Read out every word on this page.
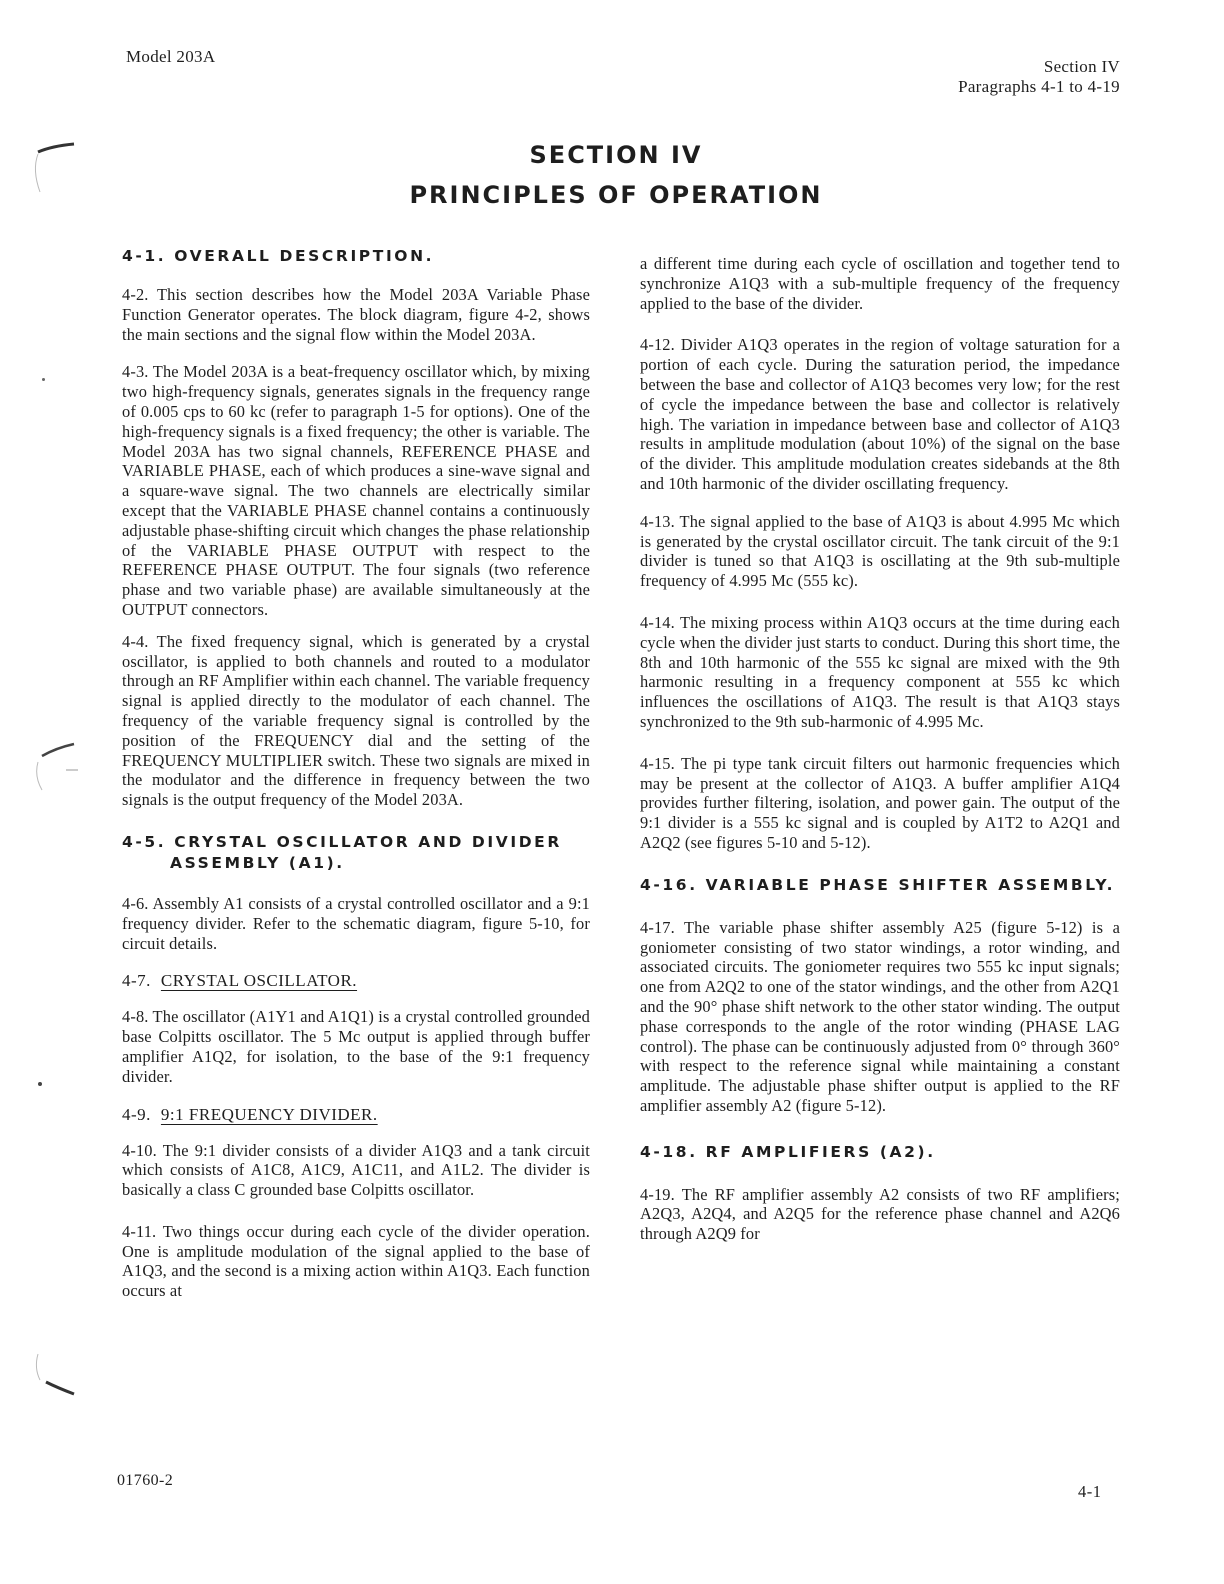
Model 203A
Section IV
Paragraphs 4-1 to 4-19
SECTION IV
PRINCIPLES OF OPERATION
4-1. OVERALL DESCRIPTION.

4-2. This section describes how the Model 203A Variable Phase Function Generator operates. The block diagram, figure 4-2, shows the main sections and the signal flow within the Model 203A.

4-3. The Model 203A is a beat-frequency oscillator which, by mixing two high-frequency signals, generates signals in the frequency range of 0.005 cps to 60 kc (refer to paragraph 1-5 for options). One of the high-frequency signals is a fixed frequency; the other is variable. The Model 203A has two signal channels, REFERENCE PHASE and VARIABLE PHASE, each of which produces a sine-wave signal and a square-wave signal. The two channels are electrically similar except that the VARIABLE PHASE channel contains a continuously adjustable phase-shifting circuit which changes the phase relationship of the VARIABLE PHASE OUTPUT with respect to the REFERENCE PHASE OUTPUT. The four signals (two reference phase and two variable phase) are available simultaneously at the OUTPUT connectors.

4-4. The fixed frequency signal, which is generated by a crystal oscillator, is applied to both channels and routed to a modulator through an RF Amplifier within each channel. The variable frequency signal is applied directly to the modulator of each channel. The frequency of the variable frequency signal is controlled by the position of the FREQUENCY dial and the setting of the FREQUENCY MULTIPLIER switch. These two signals are mixed in the modulator and the difference in frequency between the two signals is the output frequency of the Model 203A.

4-5. CRYSTAL OSCILLATOR AND DIVIDER ASSEMBLY (A1).

4-6. Assembly A1 consists of a crystal controlled oscillator and a 9:1 frequency divider. Refer to the schematic diagram, figure 5-10, for circuit details.

4-7. CRYSTAL OSCILLATOR.

4-8. The oscillator (A1Y1 and A1Q1) is a crystal controlled grounded base Colpitts oscillator. The 5 Mc output is applied through buffer amplifier A1Q2, for isolation, to the base of the 9:1 frequency divider.

4-9. 9:1 FREQUENCY DIVIDER.

4-10. The 9:1 divider consists of a divider A1Q3 and a tank circuit which consists of A1C8, A1C9, A1C11, and A1L2. The divider is basically a class C grounded base Colpitts oscillator.

4-11. Two things occur during each cycle of the divider operation. One is amplitude modulation of the signal applied to the base of A1Q3, and the second is a mixing action within A1Q3. Each function occurs at

a different time during each cycle of oscillation and together tend to synchronize A1Q3 with a sub-multiple frequency of the frequency applied to the base of the divider.

4-12. Divider A1Q3 operates in the region of voltage saturation for a portion of each cycle. During the saturation period, the impedance between the base and collector of A1Q3 becomes very low; for the rest of cycle the impedance between the base and collector is relatively high. The variation in impedance between base and collector of A1Q3 results in amplitude modulation (about 10%) of the signal on the base of the divider. This amplitude modulation creates sidebands at the 8th and 10th harmonic of the divider oscillating frequency.

4-13. The signal applied to the base of A1Q3 is about 4.995 Mc which is generated by the crystal oscillator circuit. The tank circuit of the 9:1 divider is tuned so that A1Q3 is oscillating at the 9th sub-multiple frequency of 4.995 Mc (555 kc).

4-14. The mixing process within A1Q3 occurs at the time during each cycle when the divider just starts to conduct. During this short time, the 8th and 10th harmonic of the 555 kc signal are mixed with the 9th harmonic resulting in a frequency component at 555 kc which influences the oscillations of A1Q3. The result is that A1Q3 stays synchronized to the 9th sub-harmonic of 4.995 Mc.

4-15. The pi type tank circuit filters out harmonic frequencies which may be present at the collector of A1Q3. A buffer amplifier A1Q4 provides further filtering, isolation, and power gain. The output of the 9:1 divider is a 555 kc signal and is coupled by A1T2 to A2Q1 and A2Q2 (see figures 5-10 and 5-12).

4-16. VARIABLE PHASE SHIFTER ASSEMBLY.

4-17. The variable phase shifter assembly A25 (figure 5-12) is a goniometer consisting of two stator windings, a rotor winding, and associated circuits. The goniometer requires two 555 kc input signals; one from A2Q2 to one of the stator windings, and the other from A2Q1 and the 90° phase shift network to the other stator winding. The output phase corresponds to the angle of the rotor winding (PHASE LAG control). The phase can be continuously adjusted from 0° through 360° with respect to the reference signal while maintaining a constant amplitude. The adjustable phase shifter output is applied to the RF amplifier assembly A2 (figure 5-12).

4-18. RF AMPLIFIERS (A2).

4-19. The RF amplifier assembly A2 consists of two RF amplifiers; A2Q3, A2Q4, and A2Q5 for the reference phase channel and A2Q6 through A2Q9 for

01760-2
4-1
